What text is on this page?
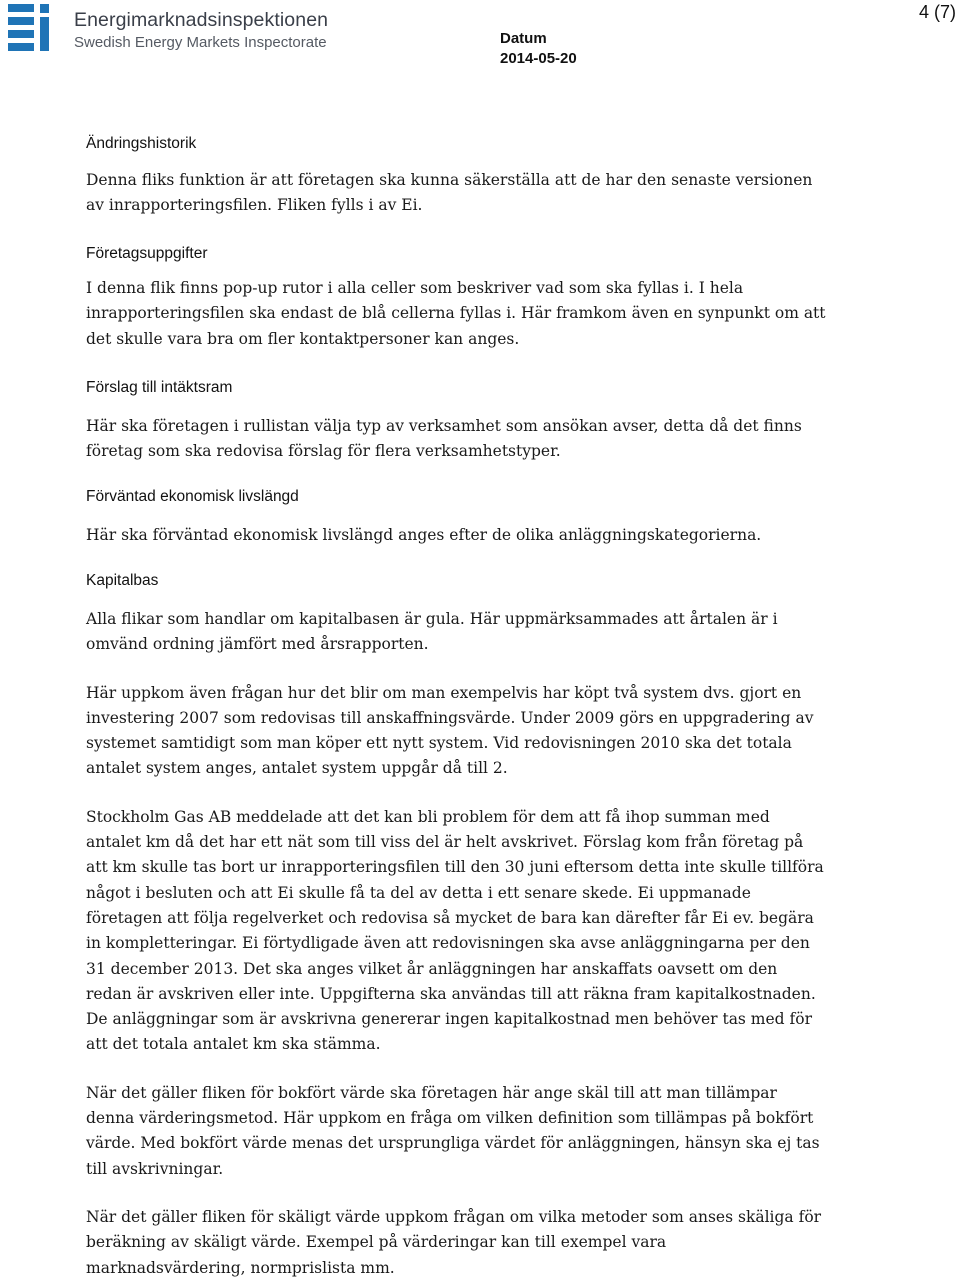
Energimarknadsinspektionen
Swedish Energy Markets Inspectorate	Datum
2014-05-20
4 (7)

Ändringshistorik

Denna fliks funktion är att företagen ska kunna säkerställa att de har den senaste versionen av inrapporteringsfilen. Fliken fylls i av Ei.

Företagsuppgifter

I denna flik finns pop-up rutor i alla celler som beskriver vad som ska fyllas i. I hela inrapporteringsfilen ska endast de blå cellerna fyllas i. Här framkom även en synpunkt om att det skulle vara bra om fler kontaktpersoner kan anges.

Förslag till intäktsram

Här ska företagen i rullistan välja typ av verksamhet som ansökan avser, detta då det finns företag som ska redovisa förslag för flera verksamhetstyper.

Förväntad ekonomisk livslängd

Här ska förväntad ekonomisk livslängd anges efter de olika anläggningskategorierna.

Kapitalbas

Alla flikar som handlar om kapitalbasen är gula. Här uppmärksammades att årtalen är i omvänd ordning jämfört med årsrapporten.

Här uppkom även frågan hur det blir om man exempelvis har köpt två system dvs. gjort en investering 2007 som redovisas till anskaffningsvärde. Under 2009 görs en uppgradering av systemet samtidigt som man köper ett nytt system. Vid redovisningen 2010 ska det totala antalet system anges, antalet system uppgår då till 2.

Stockholm Gas AB meddelade att det kan bli problem för dem att få ihop summan med antalet km då det har ett nät som till viss del är helt avskrivet. Förslag kom från företag på att km skulle tas bort ur inrapporteringsfilen till den 30 juni eftersom detta inte skulle tillföra något i besluten och att Ei skulle få ta del av detta i ett senare skede. Ei uppmanade företagen att följa regelverket och redovisa så mycket de bara kan därefter får Ei ev. begära in kompletteringar. Ei förtydligade även att redovisningen ska avse anläggningarna per den 31 december 2013. Det ska anges vilket år anläggningen har anskaffats oavsett om den redan är avskriven eller inte. Uppgifterna ska användas till att räkna fram kapitalkostnaden. De anläggningar som är avskrivna genererar ingen kapitalkostnad men behöver tas med för att det totala antalet km ska stämma.

När det gäller fliken för bokfört värde ska företagen här ange skäl till att man tillämpar denna värderingsmetod. Här uppkom en fråga om vilken definition som tillämpas på bokfört värde. Med bokfört värde menas det ursprungliga värdet för anläggningen, hänsyn ska ej tas till avskrivningar.

När det gäller fliken för skäligt värde uppkom frågan om vilka metoder som anses skäliga för beräkning av skäligt värde. Exempel på värderingar kan till exempel vara marknadsvärdering, normprislista mm.
